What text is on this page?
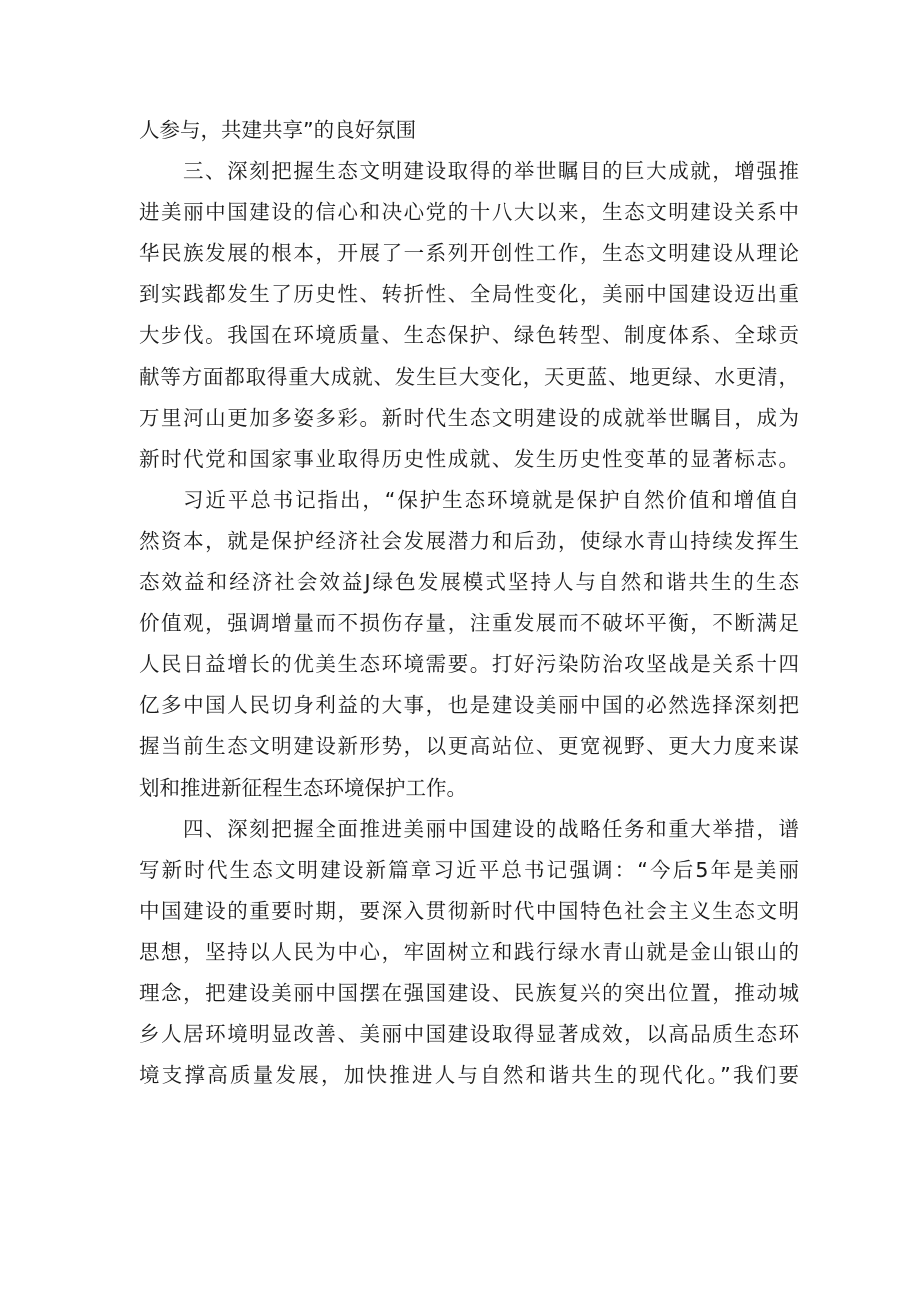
人参与，共建共享”的良好氛围
三、深刻把握生态文明建设取得的举世瞩目的巨大成就，增强推
进美丽中国建设的信心和决心党的十八大以来，生态文明建设关系中
华民族发展的根本，开展了一系列开创性工作，生态文明建设从理论
到实践都发生了历史性、转折性、全局性变化，美丽中国建设迈出重
大步伐。我国在环境质量、生态保护、绿色转型、制度体系、全球贡
献等方面都取得重大成就、发生巨大变化，天更蓝、地更绿、水更清，
万里河山更加多姿多彩。新时代生态文明建设的成就举世瞩目，成为
新时代党和国家事业取得历史性成就、发生历史性变革的显著标志。
习近平总书记指出，“保护生态环境就是保护自然价值和增值自
然资本，就是保护经济社会发展潜力和后劲，使绿水青山持续发挥生
态效益和经济社会效益J绿色发展模式坚持人与自然和谐共生的生态
价值观，强调增量而不损伤存量，注重发展而不破坏平衡，不断满足
人民日益增长的优美生态环境需要。打好污染防治攻坚战是关系十四
亿多中国人民切身利益的大事，也是建设美丽中国的必然选择深刻把
握当前生态文明建设新形势，以更高站位、更宽视野、更大力度来谋
划和推进新征程生态环境保护工作。
四、深刻把握全面推进美丽中国建设的战略任务和重大举措，谱
写新时代生态文明建设新篇章习近平总书记强调：“今后5年是美丽
中国建设的重要时期，要深入贯彻新时代中国特色社会主义生态文明
思想，坚持以人民为中心，牢固树立和践行绿水青山就是金山银山的
理念，把建设美丽中国摆在强国建设、民族复兴的突出位置，推动城
乡人居环境明显改善、美丽中国建设取得显著成效，以高品质生态环
境支撑高质量发展，加快推进人与自然和谐共生的现代化。”我们要
